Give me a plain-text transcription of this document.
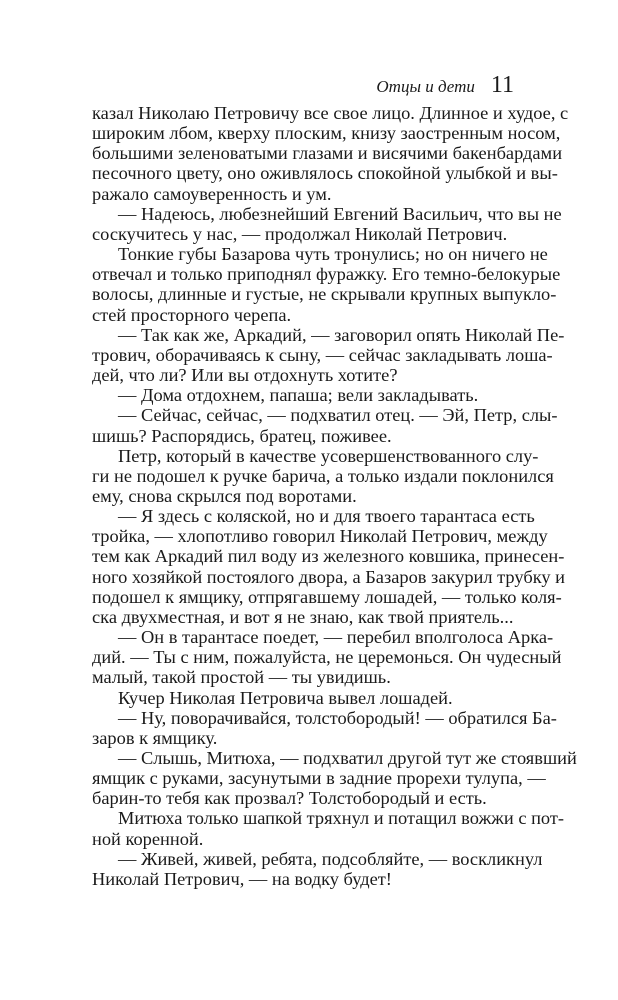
Отцы и дети 11
казал Николаю Петровичу все свое лицо. Длинное и худое, с
широким лбом, кверху плоским, книзу заостренным носом,
большими зеленоватыми глазами и висячими бакенбардами
песочного цвету, оно оживлялось спокойной улыбкой и вы-
ражало самоуверенность и ум.
— Надеюсь, любезнейший Евгений Васильич, что вы не
соскучитесь у нас, — продолжал Николай Петрович.
Тонкие губы Базарова чуть тронулись; но он ничего не
отвечал и только приподнял фуражку. Его темно-белокурые
волосы, длинные и густые, не скрывали крупных выпукло-
стей просторного черепа.
— Так как же, Аркадий, — заговорил опять Николай Пе-
трович, оборачиваясь к сыну, — сейчас закладывать лоша-
дей, что ли? Или вы отдохнуть хотите?
— Дома отдохнем, папаша; вели закладывать.
— Сейчас, сейчас, — подхватил отец. — Эй, Петр, слы-
шишь? Распорядись, братец, поживее.
Петр, который в качестве усовершенствованного слу-
ги не подошел к ручке барича, а только издали поклонился
ему, снова скрылся под воротами.
— Я здесь с коляской, но и для твоего тарантаса есть
тройка, — хлопотливо говорил Николай Петрович, между
тем как Аркадий пил воду из железного ковшика, принесен-
ного хозяйкой постоялого двора, а Базаров закурил трубку и
подошел к ямщику, отпрягавшему лошадей, — только коля-
ска двухместная, и вот я не знаю, как твой приятель...
— Он в тарантасе поедет, — перебил вполголоса Арка-
дий. — Ты с ним, пожалуйста, не церемонься. Он чудесный
малый, такой простой — ты увидишь.
Кучер Николая Петровича вывел лошадей.
— Ну, поворачивайся, толстобородый! — обратился Ба-
заров к ямщику.
— Слышь, Митюха, — подхватил другой тут же стоявший
ямщик с руками, засунутыми в задние прорехи тулупа, —
барин-то тебя как прозвал? Толстобородый и есть.
Митюха только шапкой тряхнул и потащил вожжи с пот-
ной коренной.
— Живей, живей, ребята, подсобляйте, — воскликнул
Николай Петрович, — на водку будет!
